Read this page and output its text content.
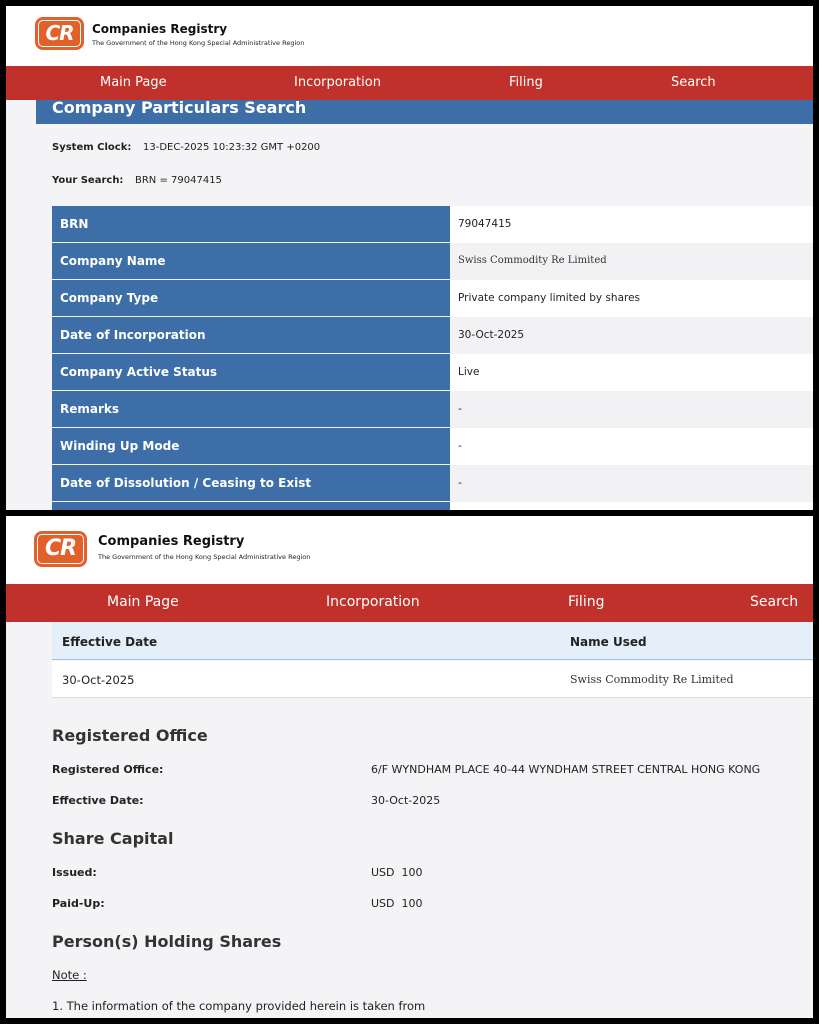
CR	Companies Registry
The Government of the Hong Kong Special Administrative Region
Main Page	Incorporation	Filing	Search
Company Particulars Search
System Clock: 13-DEC-2025 10:23:32 GMT +0200
Your Search: BRN = 79047415
BRN	79047415
Company Name	Swiss Commodity Re Limited
Company Type	Private company limited by shares
Date of Incorporation	30-Oct-2025
Company Active Status	Live
Remarks	-
Winding Up Mode	-
Date of Dissolution / Ceasing to Exist	-
CR	Companies Registry
The Government of the Hong Kong Special Administrative Region
Main Page	Incorporation	Filing	Search
Effective Date	Name Used
30-Oct-2025	Swiss Commodity Re Limited
Registered Office
Registered Office:	6/F WYNDHAM PLACE 40-44 WYNDHAM STREET CENTRAL HONG KONG
Effective Date:	30-Oct-2025
Share Capital
Issued:	USD  100
Paid-Up:	USD  100
Person(s) Holding Shares
Note :
1. The information of the company provided herein is taken from
